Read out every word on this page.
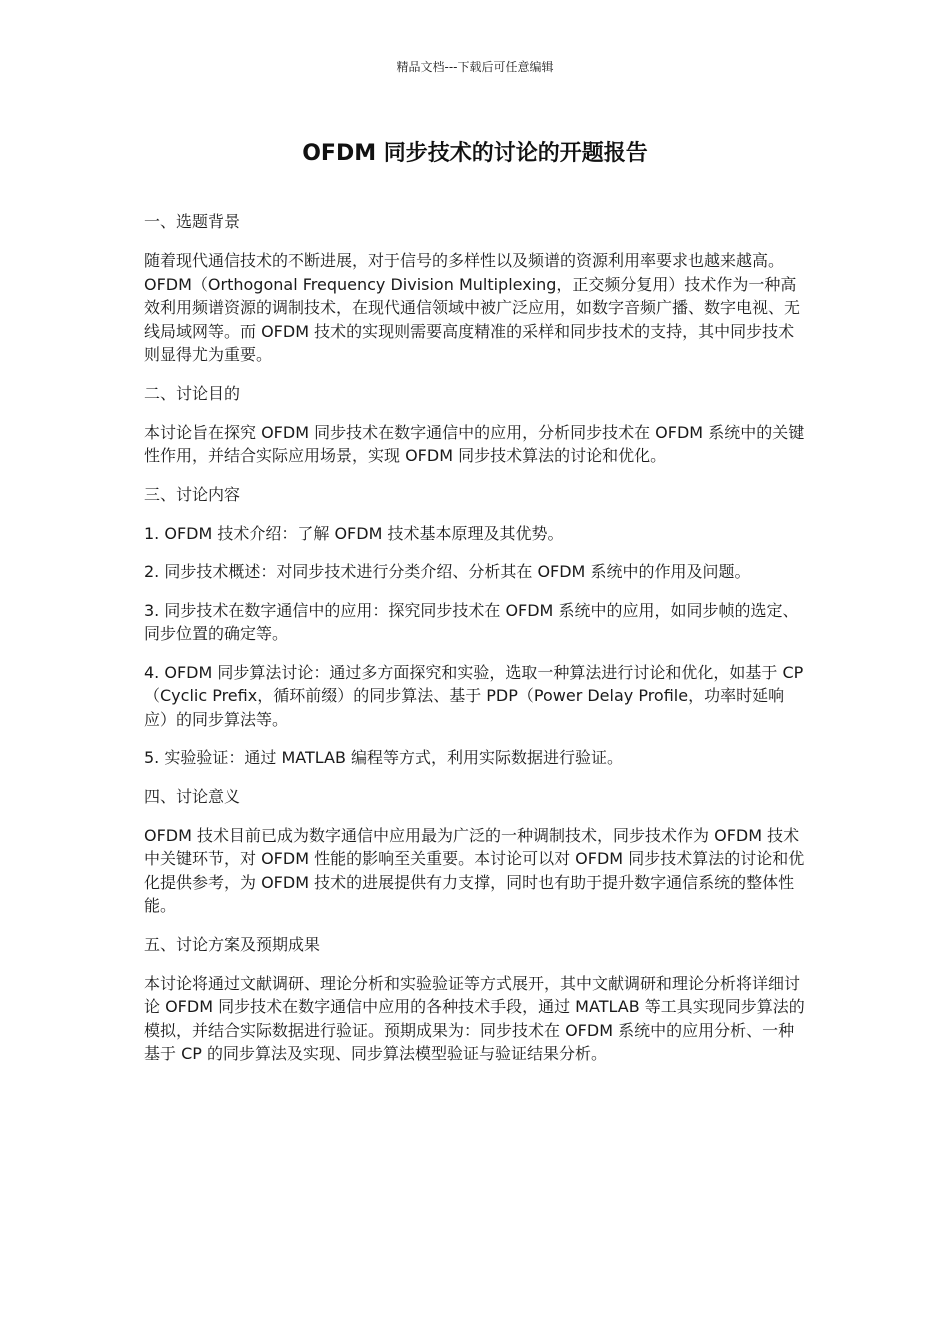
精品文档---下载后可任意编辑
OFDM 同步技术的讨论的开题报告
一、选题背景
随着现代通信技术的不断进展，对于信号的多样性以及频谱的资源利用率要求也越来越高。OFDM（Orthogonal Frequency Division Multiplexing，正交频分复用）技术作为一种高效利用频谱资源的调制技术，在现代通信领域中被广泛应用，如数字音频广播、数字电视、无线局域网等。而 OFDM 技术的实现则需要高度精准的采样和同步技术的支持，其中同步技术则显得尤为重要。
二、讨论目的
本讨论旨在探究 OFDM 同步技术在数字通信中的应用，分析同步技术在 OFDM 系统中的关键性作用，并结合实际应用场景，实现 OFDM 同步技术算法的讨论和优化。
三、讨论内容
1. OFDM 技术介绍：了解 OFDM 技术基本原理及其优势。
2. 同步技术概述：对同步技术进行分类介绍、分析其在 OFDM 系统中的作用及问题。
3. 同步技术在数字通信中的应用：探究同步技术在 OFDM 系统中的应用，如同步帧的选定、同步位置的确定等。
4. OFDM 同步算法讨论：通过多方面探究和实验，选取一种算法进行讨论和优化，如基于 CP（Cyclic Prefix，循环前缀）的同步算法、基于 PDP（Power Delay Profile，功率时延响应）的同步算法等。
5. 实验验证：通过 MATLAB 编程等方式，利用实际数据进行验证。
四、讨论意义
OFDM 技术目前已成为数字通信中应用最为广泛的一种调制技术，同步技术作为 OFDM 技术中关键环节，对 OFDM 性能的影响至关重要。本讨论可以对 OFDM 同步技术算法的讨论和优化提供参考，为 OFDM 技术的进展提供有力支撑，同时也有助于提升数字通信系统的整体性能。
五、讨论方案及预期成果
本讨论将通过文献调研、理论分析和实验验证等方式展开，其中文献调研和理论分析将详细讨论 OFDM 同步技术在数字通信中应用的各种技术手段，通过 MATLAB 等工具实现同步算法的模拟，并结合实际数据进行验证。预期成果为：同步技术在 OFDM 系统中的应用分析、一种基于 CP 的同步算法及实现、同步算法模型验证与验证结果分析。
